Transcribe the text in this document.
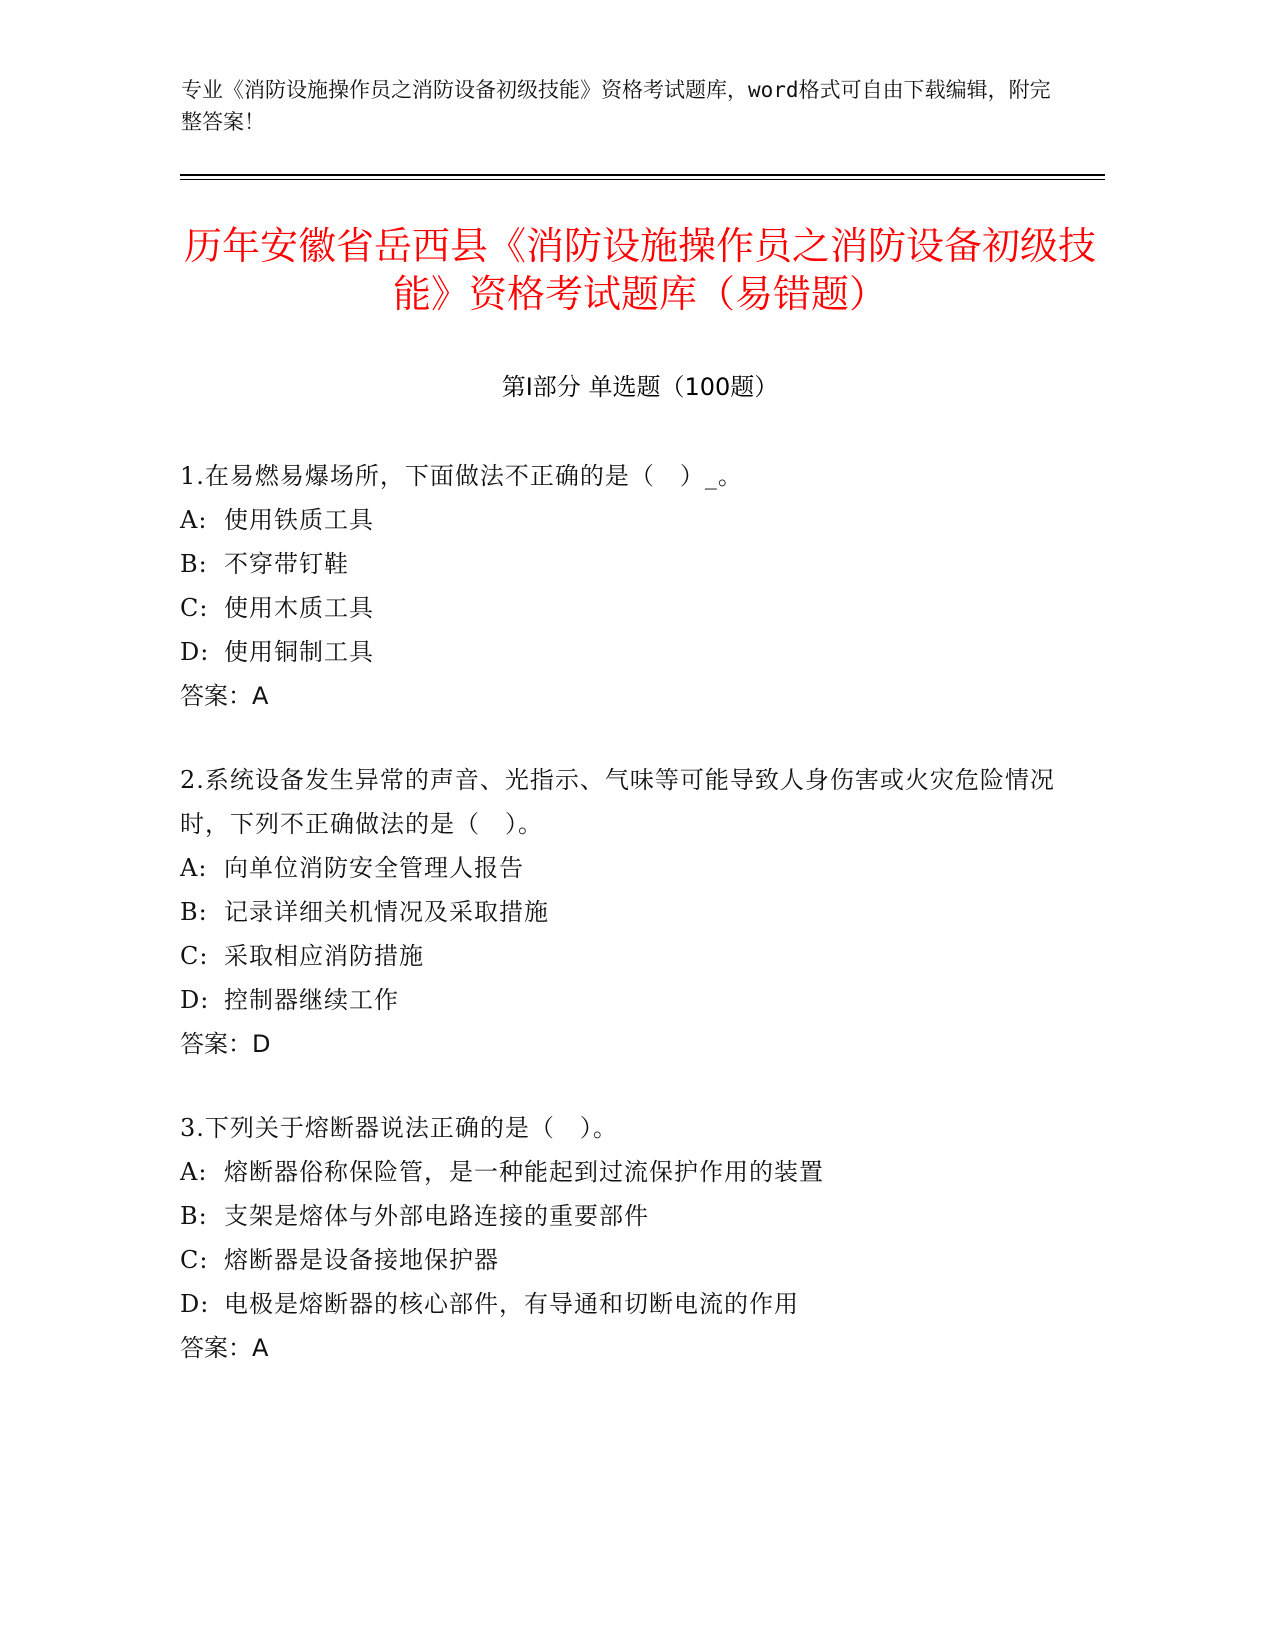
专业《消防设施操作员之消防设备初级技能》资格考试题库，word格式可自由下载编辑，附完整答案！
历年安徽省岳西县《消防设施操作员之消防设备初级技能》资格考试题库（易错题）
第Ⅰ部分 单选题（100题）

1.在易燃易爆场所，下面做法不正确的是（　）_。

A: 使用铁质工具

B: 不穿带钉鞋

C: 使用木质工具

D: 使用铜制工具

答案：A

2.系统设备发生异常的声音、光指示、气味等可能导致人身伤害或火灾危险情况时，下列不正确做法的是（　）。

A: 向单位消防安全管理人报告

B: 记录详细关机情况及采取措施

C: 采取相应消防措施

D: 控制器继续工作

答案：D

3.下列关于熔断器说法正确的是（　）。

A: 熔断器俗称保险管，是一种能起到过流保护作用的装置

B: 支架是熔体与外部电路连接的重要部件

C: 熔断器是设备接地保护器

D: 电极是熔断器的核心部件，有导通和切断电流的作用

答案：A
